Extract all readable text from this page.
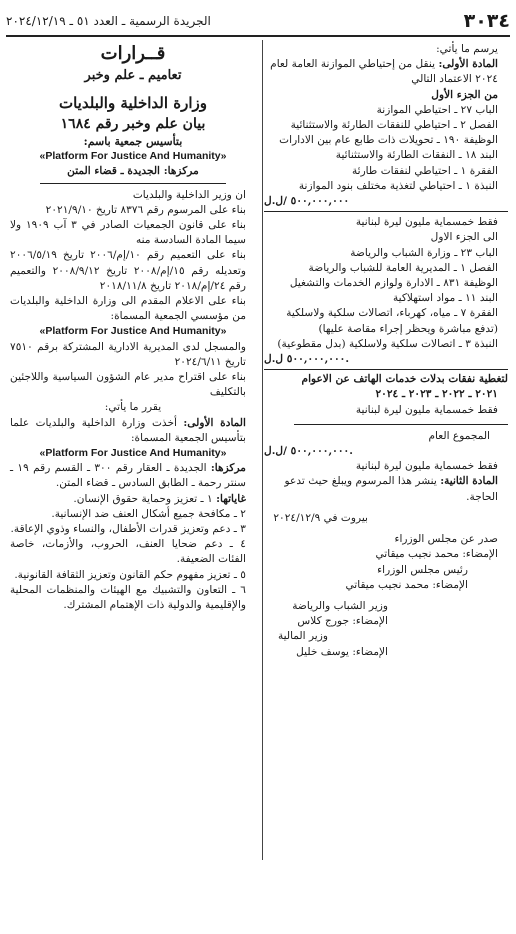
٣٠٣٤
الجريدة الرسمية ـ العدد ٥١ ـ ٢٠٢٤/١٢/١٩

يرسم ما يأتي:

المادة الأولى: ينقل من إحتياطي الموازنة العامة لعام ٢٠٢٤ الاعتماد التالي

من الجزء الأول

الباب ٢٧ ـ احتياطي الموازنة

الفصل ٢ ـ احتياطي للنفقات الطارئة والاستثنائية

الوظيفة ١٩٠ ـ تحويلات ذات طابع عام بين الادارات

البند ١٨ ـ النفقات الطارئة والاستثنائية

الفقرة ١ ـ احتياطي لنفقات طارئة

النبذة ١ ـ احتياطي لتغذية مختلف بنود الموازنة

٥٠٠,٠٠٠,٠٠٠ /ل.ل

فقط خمسماية مليون ليرة لبنانية

الى الجزء الاول

الباب ٢٣ ـ وزارة الشباب والرياضة

الفصل ١ ـ المديرية العامة للشباب والرياضة

الوظيفة ٨٣١ ـ الادارة ولوازم الخدمات والتشغيل

البند ١١ ـ مواد استهلاكية

الفقرة ٧ ـ مياه، كهرباء، اتصالات سلكية ولاسلكية

(تدفع مباشرة ويحظر إجراء مقاصة عليها)

النبذة ٣ ـ اتصالات سلكية ولاسلكية (بدل مقطوعية)

٥٠٠,٠٠٠,٠٠٠ ل.ل.

لتغطية نفقات بدلات خدمات الهاتف عن الاعوام

٢٠٢١ ـ ٢٠٢٢ ـ ٢٠٢٣ ـ ٢٠٢٤

فقط خمسماية مليون ليرة لبنانية

المجموع العام

٥٠٠,٠٠٠,٠٠٠ /ل.ل.

فقط خمسماية مليون ليرة لبنانية

المادة الثانية: ينشر هذا المرسوم ويبلغ حيث تدعو الحاجة.

بيروت في ٢٠٢٤/١٢/٩

صدر عن مجلس الوزراء

الإمضاء: محمد نجيب ميقاتي

رئيس مجلس الوزراء

الإمضاء: محمد نجيب ميقاتي

وزير الشباب والرياضة

الإمضاء: جورج كلاس

وزير المالية

الإمضاء: يوسف خليل

قــرارات

تعاميم ـ علم وخبر

وزارة الداخلية والبلديات

بيان علم وخبر رقم ١٦٨٤

بتأسيس جمعية باسم:

«Platform For Justice And Humanity»

مركزها: الجديدة ـ قضاء المتن

ان وزير الداخلية والبلديات

بناء على المرسوم رقم ٨٣٧٦ تاريخ ٢٠٢١/٩/١٠

بناء على قانون الجمعيات الصادر في ٣ آب ١٩٠٩ ولا سيما المادة السادسة منه

بناء على التعميم رقم ١٠/إم/٢٠٠٦ تاريخ ٢٠٠٦/٥/١٩ وتعديله رقم ١٥/إم/٢٠٠٨ تاريخ ٢٠٠٨/٩/١٢ والتعميم رقم ٢٤/إم/٢٠١٨ تاريخ ٢٠١٨/١١/٨

بناء على الاعلام المقدم الى وزارة الداخلية والبلديات من مؤسسي الجمعية المسماة:

«Platform For Justice And Humanity»

والمسجل لدى المديرية الادارية المشتركة برقم ٧٥١٠ تاريخ ٢٠٢٤/٦/١١

بناء على اقتراح مدير عام الشؤون السياسية واللاجئين بالتكليف

يقرر ما يأتي:

المادة الأولى: أخذت وزارة الداخلية والبلديات علما بتأسيس الجمعية المسماة:

«Platform For Justice And Humanity»

مركزها: الجديدة ـ العقار رقم ٣٠٠ ـ القسم رقم ١٩ ـ سنتر رحمة ـ الطابق السادس ـ قضاء المتن.

غاياتها: ١ ـ تعزيز وحماية حقوق الإنسان.

٢ ـ مكافحة جميع أشكال العنف ضد الإنسانية.

٣ ـ دعم وتعزيز قدرات الأطفال، والنساء وذوي الإعاقة.

٤ ـ دعم ضحايا العنف، الحروب، والأزمات، خاصة الفئات الضعيفة.

٥ ـ تعزيز مفهوم حكم القانون وتعزيز الثقافة القانونية.

٦ ـ التعاون والتشبيك مع الهيئات والمنظمات المحلية والإقليمية والدولية ذات الإهتمام المشترك.
